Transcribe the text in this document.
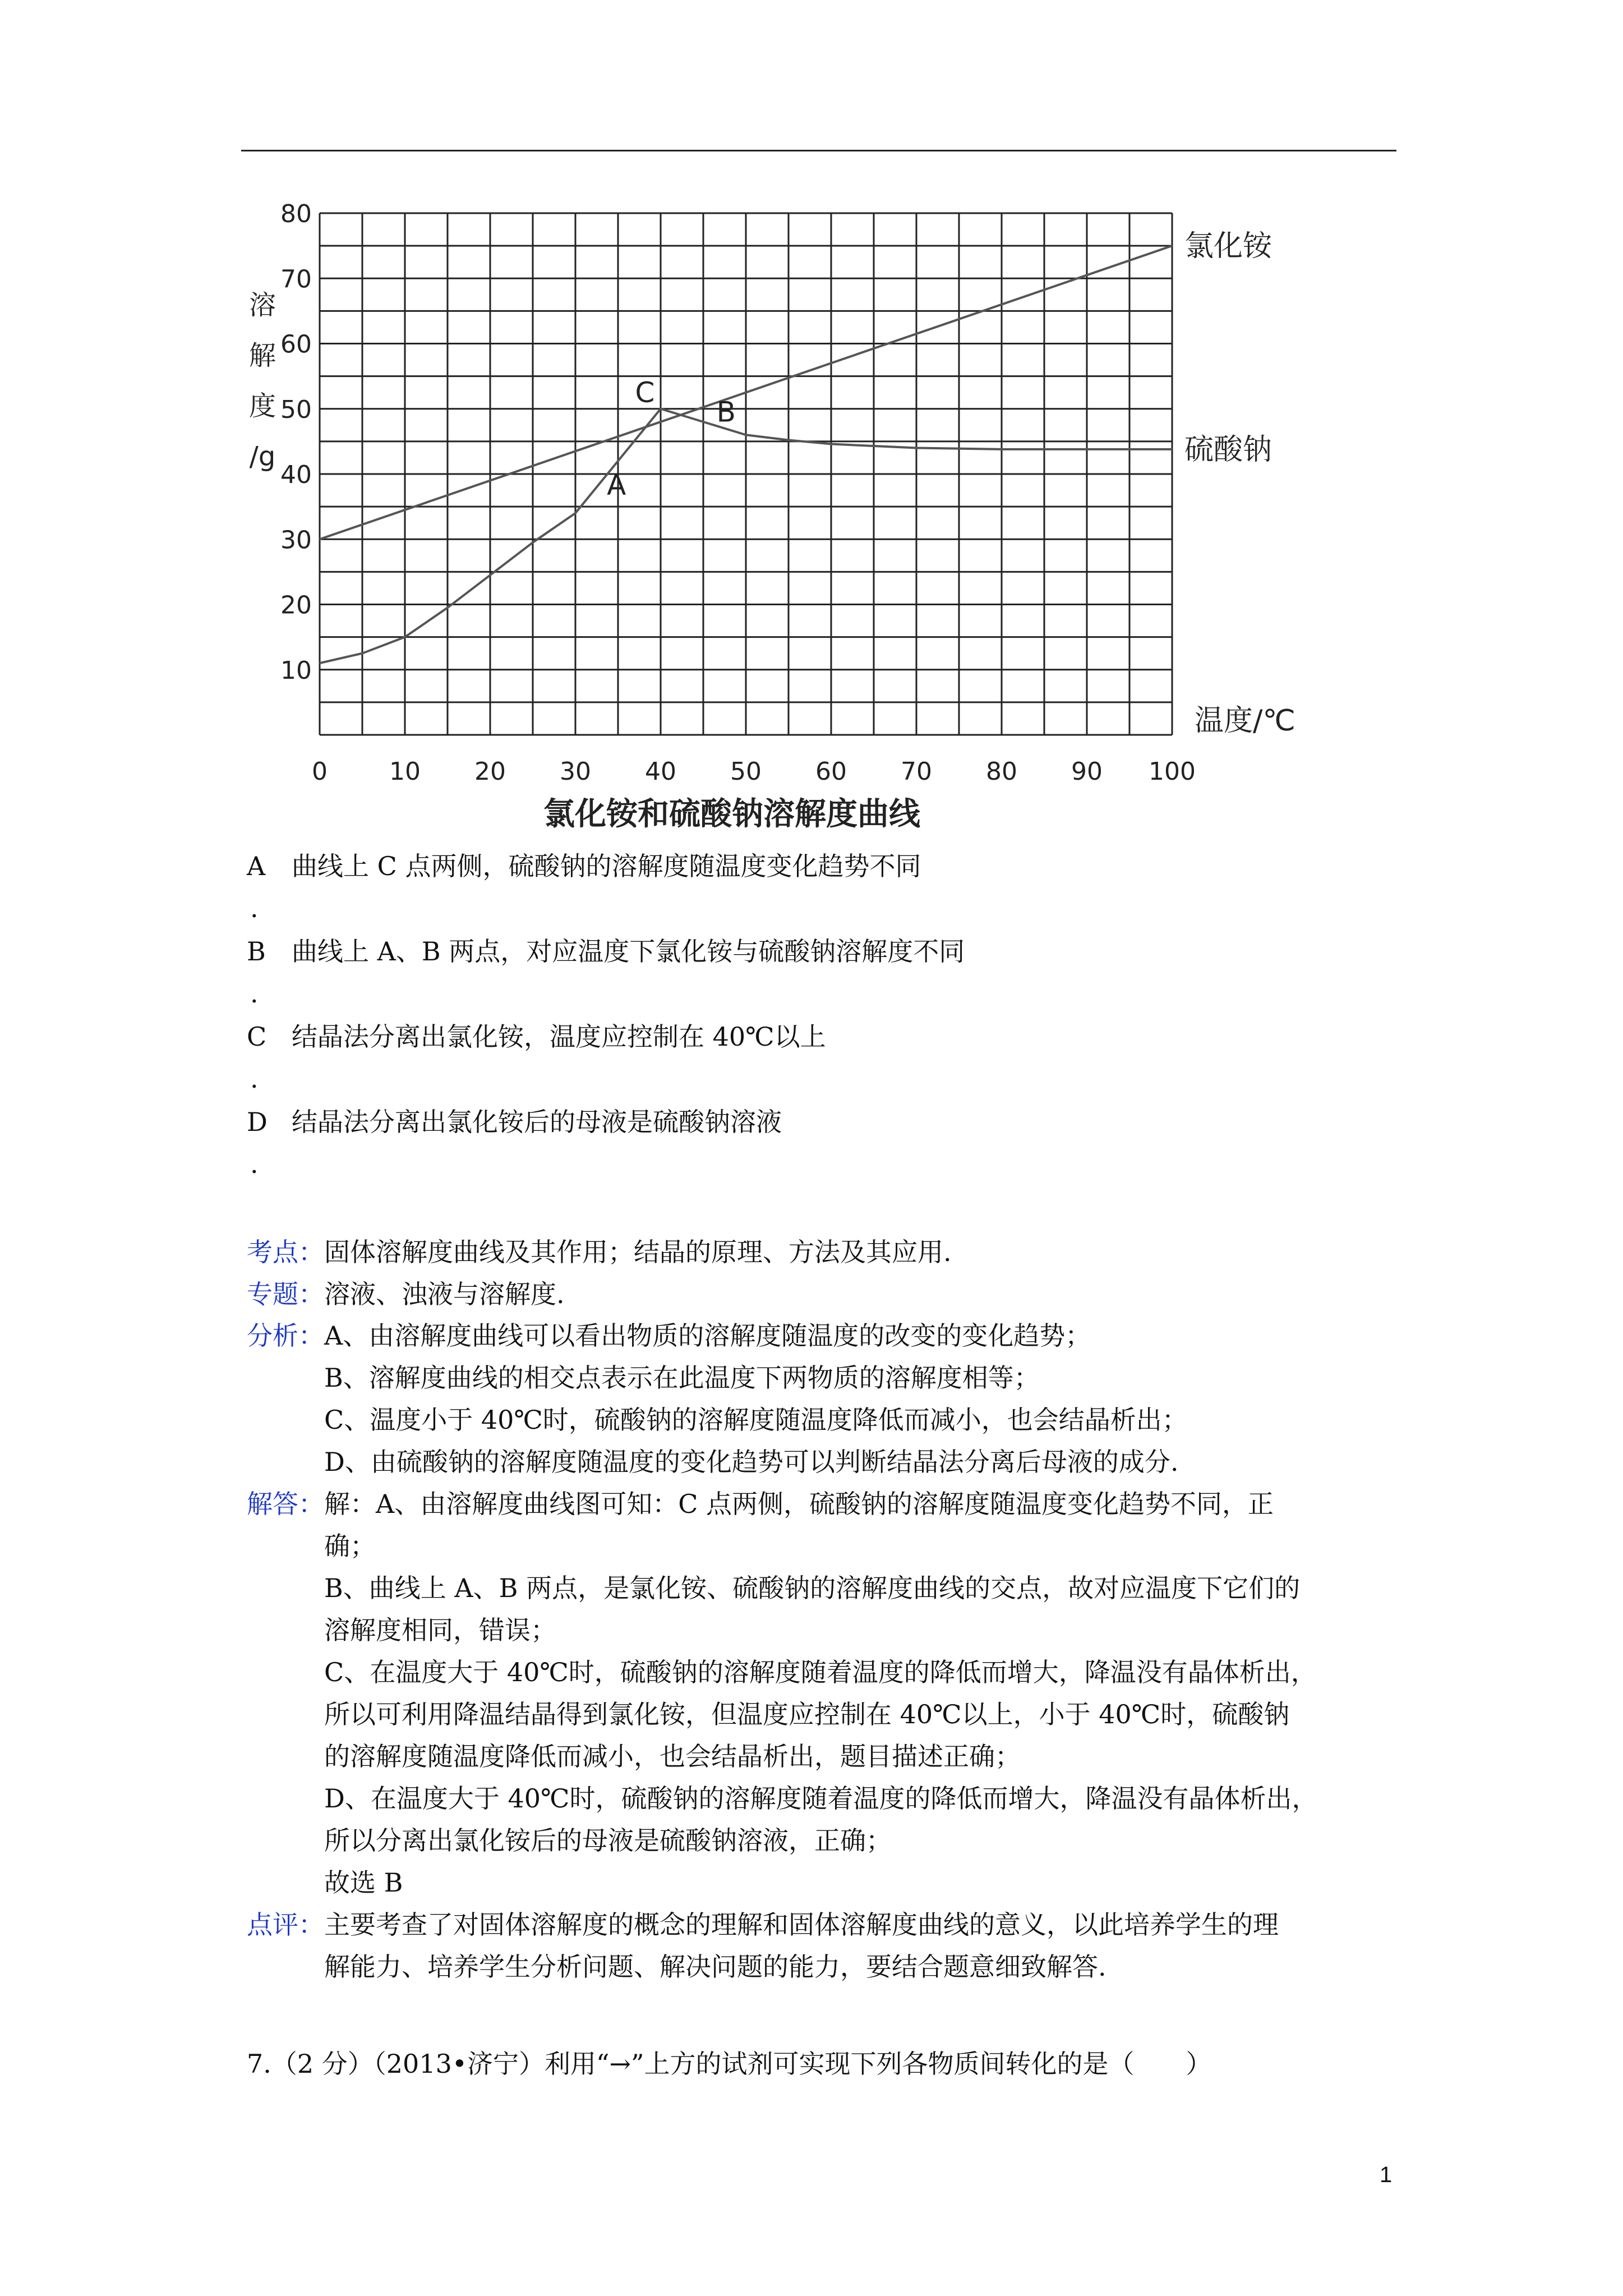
10
20
30
40
50
60
70
80
0	10 20 30 40 50 60 70 80 90 100
溶
解
度
/g
温度/℃
氯化铵和硫酸钠溶解度曲线
氯化铵
硫酸钠
A
B
C
A 曲线上 C 点两侧，硫酸钠的溶解度随温度变化趋势不同
.
B 曲线上 A、B 两点，对应温度下氯化铵与硫酸钠溶解度不同
.
C 结晶法分离出氯化铵，温度应控制在 40℃以上
.
D 结晶法分离出氯化铵后的母液是硫酸钠溶液
.
考点：固体溶解度曲线及其作用；结晶的原理、方法及其应用.
专题：溶液、浊液与溶解度.
分析：A、由溶解度曲线可以看出物质的溶解度随温度的改变的变化趋势；
B、溶解度曲线的相交点表示在此温度下两物质的溶解度相等；
C、温度小于 40℃时，硫酸钠的溶解度随温度降低而减小，也会结晶析出；
D、由硫酸钠的溶解度随温度的变化趋势可以判断结晶法分离后母液的成分.
解答：解：A、由溶解度曲线图可知：C 点两侧，硫酸钠的溶解度随温度变化趋势不同，正
确；
B、曲线上 A、B 两点，是氯化铵、硫酸钠的溶解度曲线的交点，故对应温度下它们的
溶解度相同，错误；
C、在温度大于 40℃时，硫酸钠的溶解度随着温度的降低而增大，降温没有晶体析出，
所以可利用降温结晶得到氯化铵，但温度应控制在 40℃以上，小于 40℃时，硫酸钠
的溶解度随温度降低而减小，也会结晶析出，题目描述正确；
D、在温度大于 40℃时，硫酸钠的溶解度随着温度的降低而增大，降温没有晶体析出，
所以分离出氯化铵后的母液是硫酸钠溶液，正确；
故选 B
点评：主要考查了对固体溶解度的概念的理解和固体溶解度曲线的意义，以此培养学生的理
解能力、培养学生分析问题、解决问题的能力，要结合题意细致解答.
7.（2 分）（2013•济宁）利用“→”上方的试剂可实现下列各物质间转化的是（　　）
1
